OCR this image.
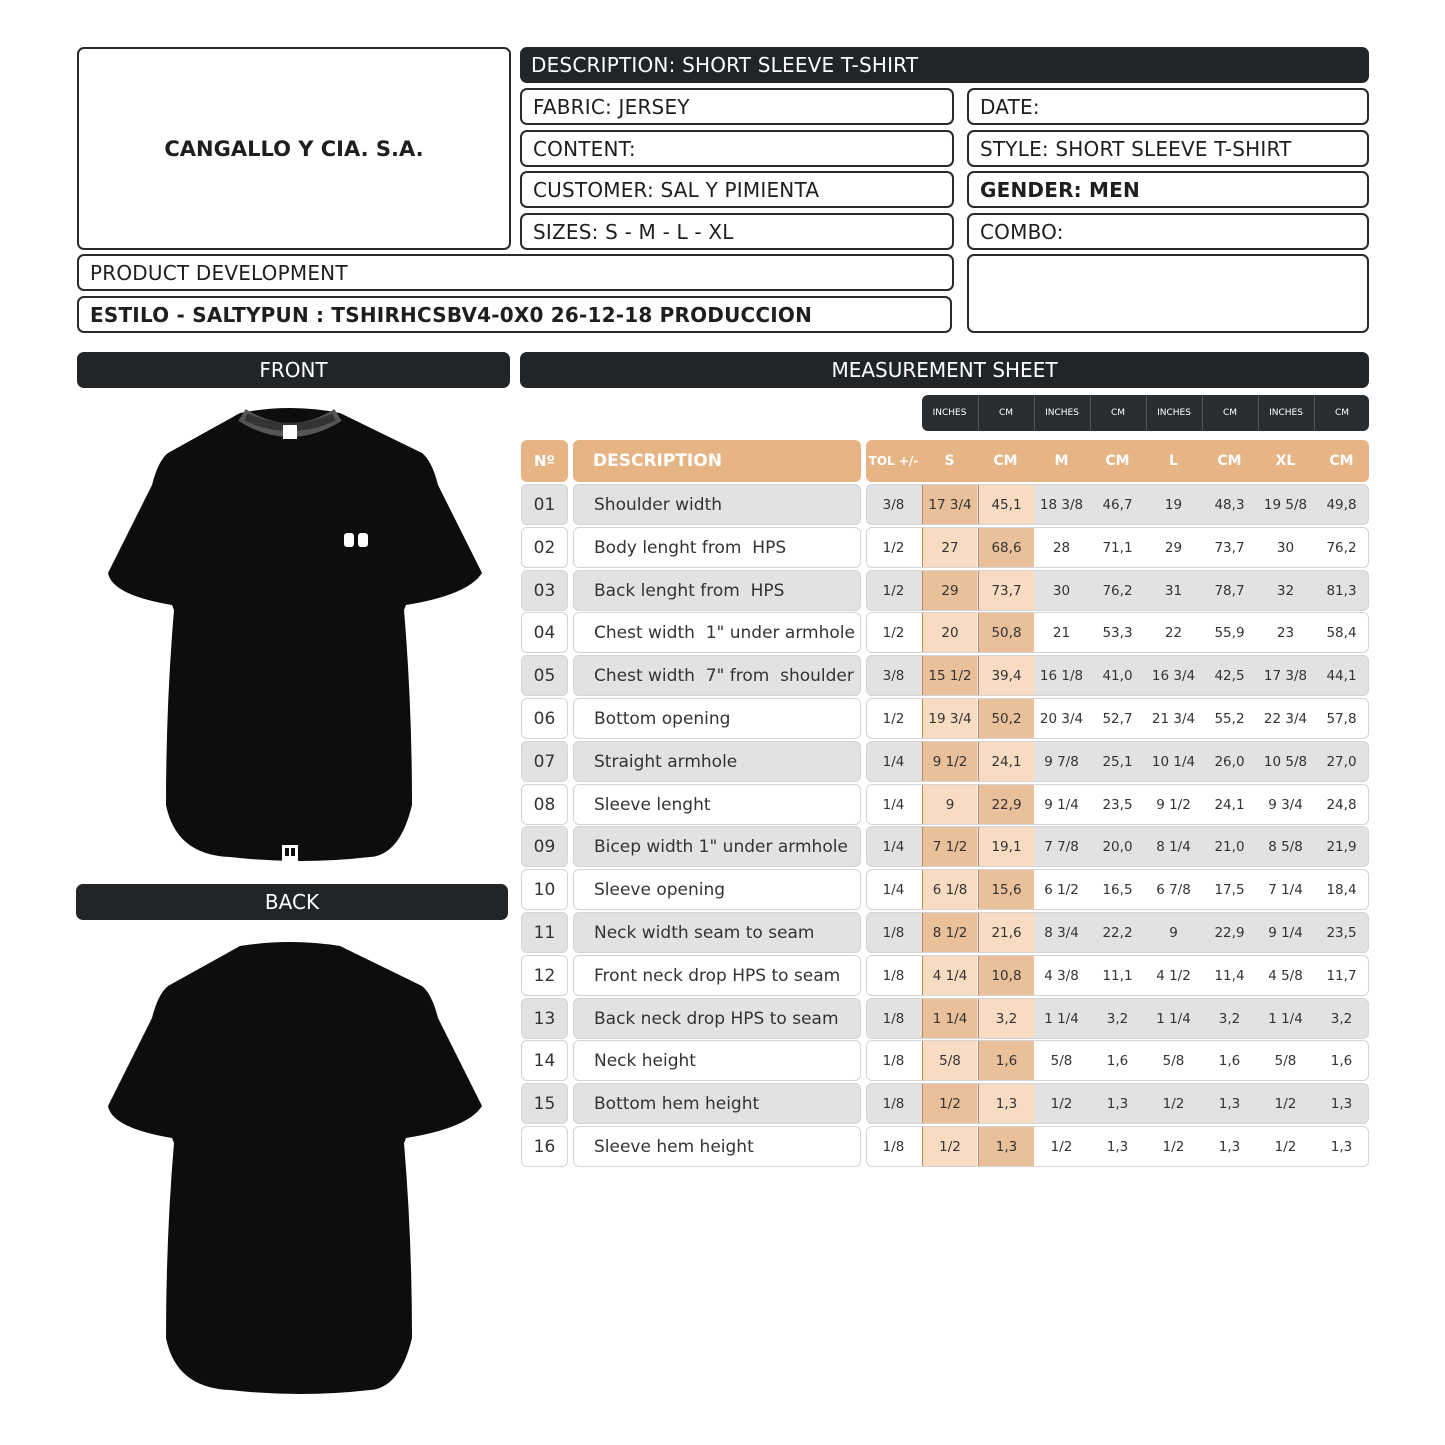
CANGALLO Y CIA. S.A.
DESCRIPTION: SHORT SLEEVE T-SHIRT
FABRIC: JERSEY	DATE:
CONTENT:	STYLE: SHORT SLEEVE T-SHIRT
CUSTOMER: SAL Y PIMIENTA	GENDER: MEN
SIZES: S - M - L - XL	COMBO:
PRODUCT DEVELOPMENT
ESTILO - SALTYPUN : TSHIRHCSBV4-0X0 26-12-18 PRODUCCION
FRONT
BACK
MEASUREMENT SHEET
INCHES	CM	INCHES	CM	INCHES	CM	INCHES	CM
Nº	DESCRIPTION	TOL +/-	S	CM	M	CM	L	CM	XL	CM
01	Shoulder width	3/8	17 3/4	45,1	18 3/8	46,7	19	48,3	19 5/8	49,8
02	Body lenght from  HPS	1/2	27	68,6	28	71,1	29	73,7	30	76,2
03	Back lenght from  HPS	1/2	29	73,7	30	76,2	31	78,7	32	81,3
04	Chest width  1" under armhole	1/2	20	50,8	21	53,3	22	55,9	23	58,4
05	Chest width  7" from  shoulder	3/8	15 1/2	39,4	16 1/8	41,0	16 3/4	42,5	17 3/8	44,1
06	Bottom opening	1/2	19 3/4	50,2	20 3/4	52,7	21 3/4	55,2	22 3/4	57,8
07	Straight armhole	1/4	9 1/2	24,1	9 7/8	25,1	10 1/4	26,0	10 5/8	27,0
08	Sleeve lenght	1/4	9	22,9	9 1/4	23,5	9 1/2	24,1	9 3/4	24,8
09	Bicep width 1" under armhole	1/4	7 1/2	19,1	7 7/8	20,0	8 1/4	21,0	8 5/8	21,9
10	Sleeve opening	1/4	6 1/8	15,6	6 1/2	16,5	6 7/8	17,5	7 1/4	18,4
11	Neck width seam to seam	1/8	8 1/2	21,6	8 3/4	22,2	9	22,9	9 1/4	23,5
12	Front neck drop HPS to seam	1/8	4 1/4	10,8	4 3/8	11,1	4 1/2	11,4	4 5/8	11,7
13	Back neck drop HPS to seam	1/8	1 1/4	3,2	1 1/4	3,2	1 1/4	3,2	1 1/4	3,2
14	Neck height	1/8	5/8	1,6	5/8	1,6	5/8	1,6	5/8	1,6
15	Bottom hem height	1/8	1/2	1,3	1/2	1,3	1/2	1,3	1/2	1,3
16	Sleeve hem height	1/8	1/2	1,3	1/2	1,3	1/2	1,3	1/2	1,3
